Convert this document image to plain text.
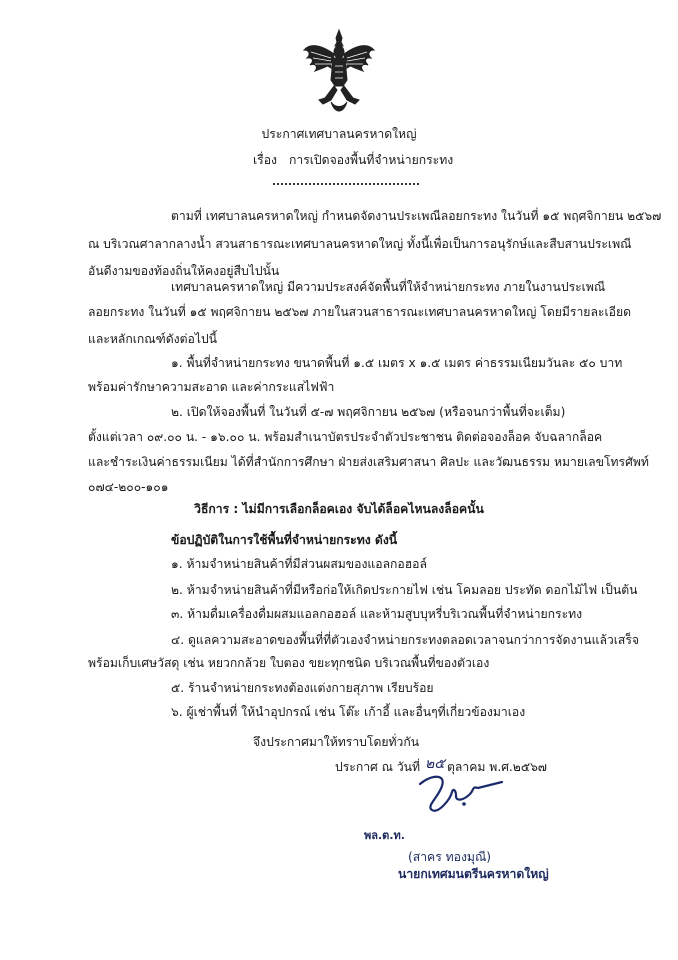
ประกาศเทศบาลนครหาดใหญ่
เรื่อง การเปิดจองพื้นที่จำหน่ายกระทง
ตามที่ เทศบาลนครหาดใหญ่ กำหนดจัดงานประเพณีลอยกระทง ในวันที่ ๑๕ พฤศจิกายน ๒๕๖๗
ณ บริเวณศาลากลางน้ำ สวนสาธารณะเทศบาลนครหาดใหญ่ ทั้งนี้เพื่อเป็นการอนุรักษ์และสืบสานประเพณี
อันดีงามของท้องถิ่นให้คงอยู่สืบไปนั้น
เทศบาลนครหาดใหญ่ มีความประสงค์จัดพื้นที่ให้จำหน่ายกระทง ภายในงานประเพณี
ลอยกระทง ในวันที่ ๑๕ พฤศจิกายน ๒๕๖๗ ภายในสวนสาธารณะเทศบาลนครหาดใหญ่ โดยมีรายละเอียด
และหลักเกณฑ์ดังต่อไปนี้
๑. พื้นที่จำหน่ายกระทง ขนาดพื้นที่ ๑.๕ เมตร x ๑.๕ เมตร ค่าธรรมเนียมวันละ ๕๐ บาท
พร้อมค่ารักษาความสะอาด และค่ากระแสไฟฟ้า
๒. เปิดให้จองพื้นที่ ในวันที่ ๕-๗ พฤศจิกายน ๒๕๖๗ (หรือจนกว่าพื้นที่จะเต็ม)
ตั้งแต่เวลา ๐๙.๐๐ น. - ๑๖.๐๐ น. พร้อมสำเนาบัตรประจำตัวประชาชน ติดต่อจองล็อค จับฉลากล็อค
และชำระเงินค่าธรรมเนียม ได้ที่สำนักการศึกษา ฝ่ายส่งเสริมศาสนา ศิลปะ และวัฒนธรรม หมายเลขโทรศัพท์
๐๗๔-๒๐๐-๑๐๑
วิธีการ : ไม่มีการเลือกล็อคเอง จับได้ล็อคไหนลงล็อคนั้น
ข้อปฏิบัติในการใช้พื้นที่จำหน่ายกระทง ดังนี้
๑. ห้ามจำหน่ายสินค้าที่มีส่วนผสมของแอลกอฮอล์
๒. ห้ามจำหน่ายสินค้าที่มีหรือก่อให้เกิดประกายไฟ เช่น โคมลอย ประทัด ดอกไม้ไฟ เป็นต้น
๓. ห้ามดื่มเครื่องดื่มผสมแอลกอฮอล์ และห้ามสูบบุหรี่บริเวณพื้นที่จำหน่ายกระทง
๔. ดูแลความสะอาดของพื้นที่ที่ตัวเองจำหน่ายกระทงตลอดเวลาจนกว่าการจัดงานแล้วเสร็จ
พร้อมเก็บเศษวัสดุ เช่น หยวกกล้วย ใบตอง ขยะทุกชนิด บริเวณพื้นที่ของตัวเอง
๕. ร้านจำหน่ายกระทงต้องแต่งกายสุภาพ เรียบร้อย
๖. ผู้เช่าพื้นที่ ให้นำอุปกรณ์ เช่น โต๊ะ เก้าอี้ และอื่นๆที่เกี่ยวข้องมาเอง
จึงประกาศมาให้ทราบโดยทั่วกัน
ประกาศ ณ วันที่ ๒๕ ตุลาคม พ.ศ.๒๕๖๗
พล.ต.ท.
(สาคร ทองมุณี)
นายกเทศมนตรีนครหาดใหญ่
